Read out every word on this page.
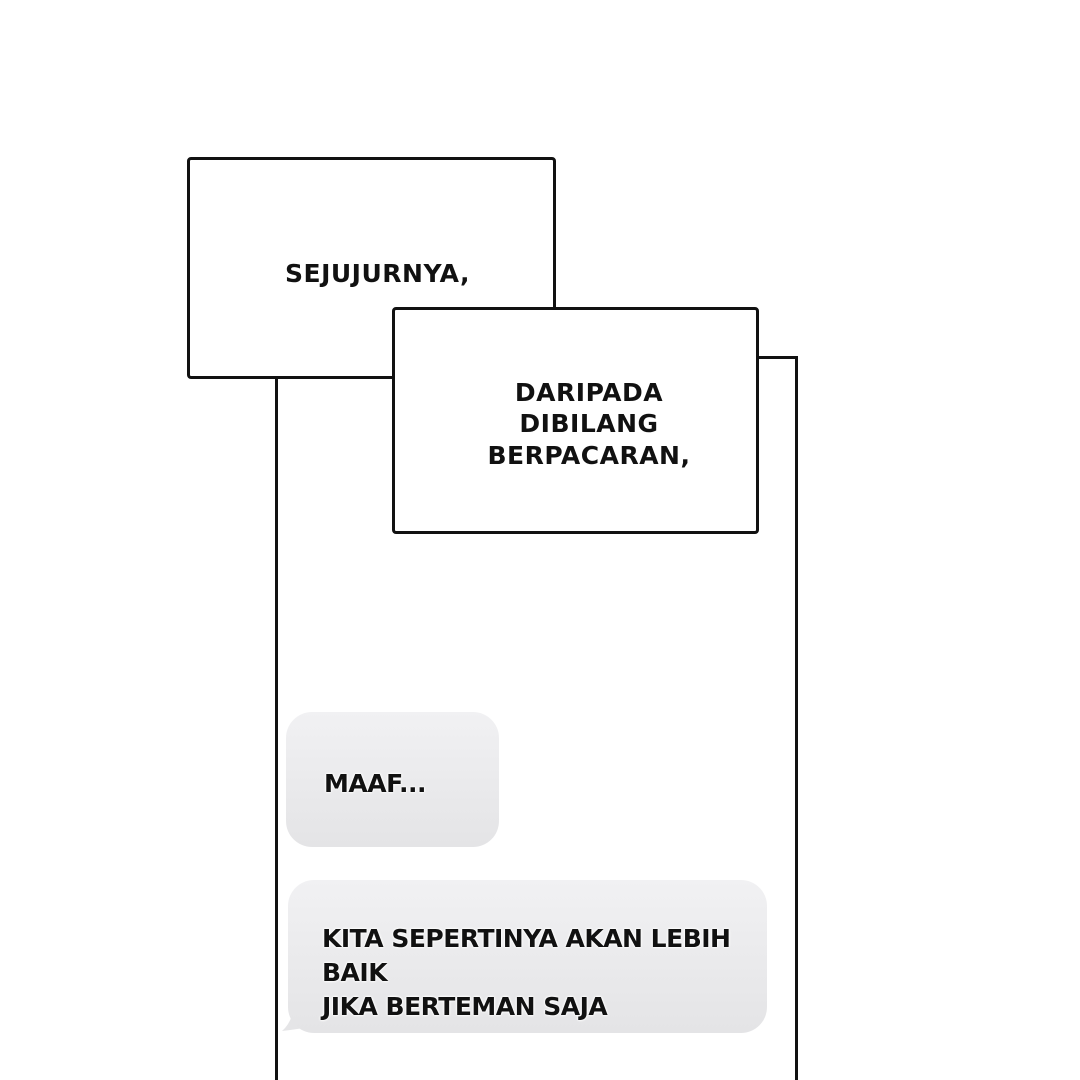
SEJUJURNYA,
DARIPADA
DIBILANG
BERPACARAN,
MAAF...
KITA SEPERTINYA AKAN LEBIH BAIK
JIKA BERTEMAN SAJA
